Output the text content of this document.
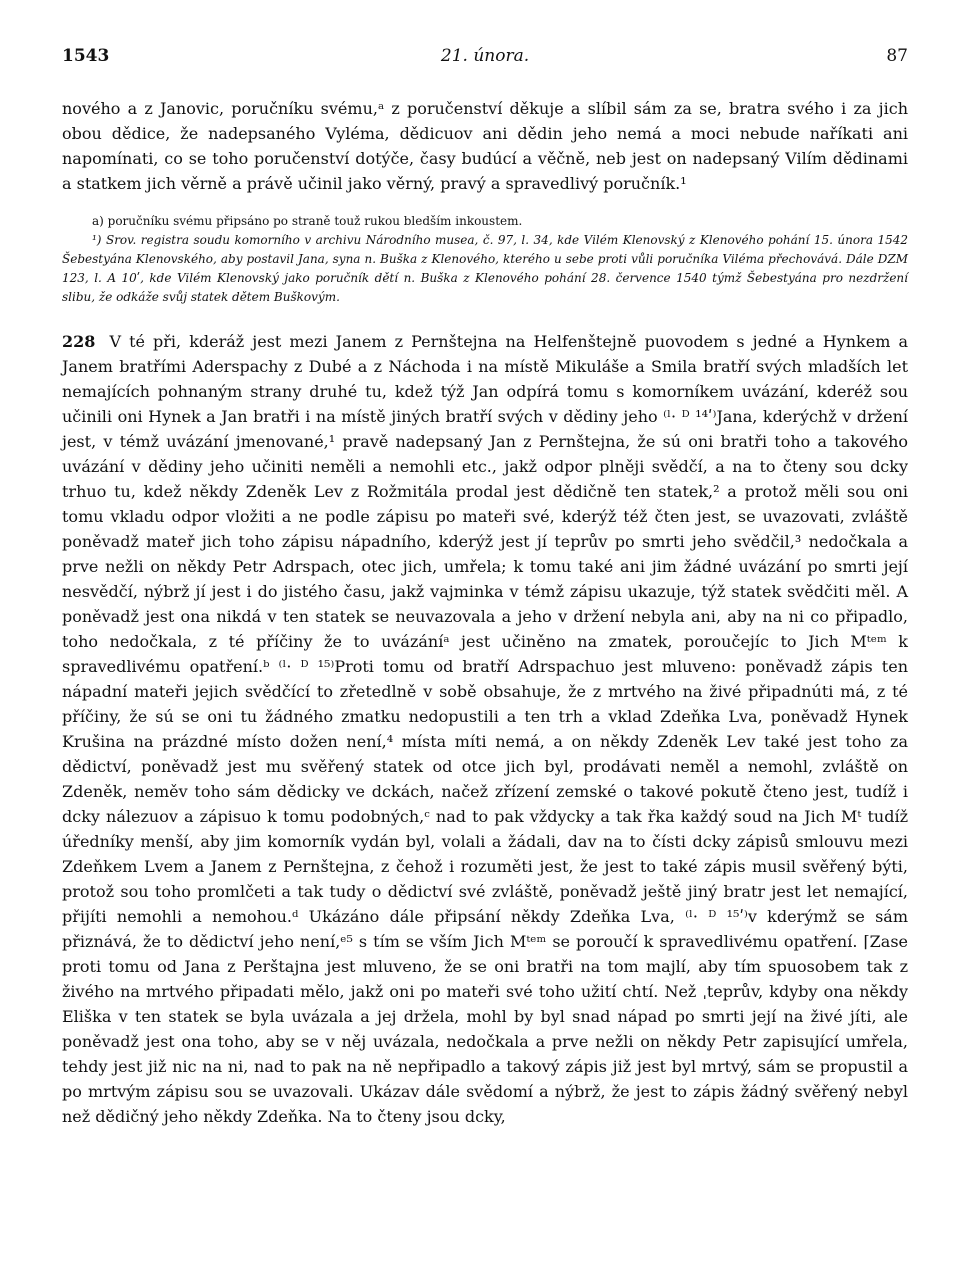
1543	21. února.	87

nového a z Janovic, poručníku svému,ᵃ z poručenství děkuje a slíbil sám za se, bratra svého i za jich obou dědice, že nadepsaného Vyléma, dědicuov ani dědin jeho nemá a moci nebude naříkati ani napomínati, co se toho poručenství dotýče, časy budúcí a věčně, neb jest on nadepsaný Vilím dědinami a statkem jich věrně a právě učinil jako věrný, pravý a spravedlivý poručník.¹

a) poručníku svému připsáno po straně touž rukou bledším inkoustem.
¹) Srov. registra soudu komorního v archivu Národního musea, č. 97, l. 34, kde Vilém Klenovský z Klenového pohání 15. února 1542 Šebestyána Klenovského, aby postavil Jana, syna n. Buška z Klenového, kterého u sebe proti vůli poručníka Viléma přechovává. Dále DZM 123, l. A 10ʹ, kde Vilém Klenovský jako poručník dětí n. Buška z Klenového pohání 28. července 1540 týmž Šebestyána pro nezdržení slibu, že odkáže svůj statek dětem Buškovým.

228 V té při, kderáž jest mezi Janem z Pernštejna na Helfenštejně puovodem s jedné a Hynkem a Janem bratřími Aderspachy z Dubé a z Náchoda i na místě Mikuláše a Smila bratří svých mladších let nemajících pohnaným strany druhé tu, kdež týž Jan odpírá tomu s komorníkem uvázání, kderéž sou učinili oni Hynek a Jan bratři i na místě jiných bratří svých v dědiny jeho ⁽ˡ· ᴰ ¹⁴ʹ⁾Jana, kderýchž v držení jest, v témž uvázání jmenované,¹ pravě nadepsaný Jan z Pernštejna, že sú oni bratři toho a takového uvázání v dědiny jeho učiniti neměli a nemohli etc., jakž odpor plněji svědčí, a na to čteny sou dcky trhuo tu, kdež někdy Zdeněk Lev z Rožmitála prodal jest dědičně ten statek,² a protož měli sou oni tomu vkladu odpor vložiti a ne podle zápisu po mateři své, kderýž též čten jest, se uvazovati, zvláště poněvadž mateř jich toho zápisu nápadního, kderýž jest jí teprův po smrti jeho svědčil,³ nedočkala a prve nežli on někdy Petr Adrspach, otec jich, umřela; k tomu také ani jim žádné uvázání po smrti její nesvědčí, nýbrž jí jest i do jistého času, jakž vajminka v témž zápisu ukazuje, týž statek svědčiti měl. A poněvadž jest ona nikdá v ten statek se neuvazovala a jeho v držení nebyla ani, aby na ni co připadlo, toho nedočkala, z té příčiny že to uvázáníᵃ jest učiněno na zmatek, poroučejíc to Jich Mᵗᵉᵐ k spravedlivému opatření.ᵇ ⁽ˡ· ᴰ ¹⁵⁾Proti tomu od bratří Adrspachuo jest mluveno: poněvadž zápis ten nápadní mateři jejich svědčící to zřetedlně v sobě obsahuje, že z mrtvého na živé připadnúti má, z té příčiny, že sú se oni tu žádného zmatku nedopustili a ten trh a vklad Zdeňka Lva, poněvadž Hynek Krušina na prázdné místo dožen není,⁴ místa míti nemá, a on někdy Zdeněk Lev také jest toho za dědictví, poněvadž jest mu svěřený statek od otce jich byl, prodávati neměl a nemohl, zvláště on Zdeněk, neměv toho sám dědicky ve dckách, načež zřízení zemské o takové pokutě čteno jest, tudíž i dcky nálezuov a zápisuo k tomu podobných,ᶜ nad to pak vždycky a tak řka každý soud na Jich Mᵗ tudíž úředníky menší, aby jim komorník vydán byl, volali a žádali, dav na to čísti dcky zápisů smlouvu mezi Zdeňkem Lvem a Janem z Pernštejna, z čehož i rozuměti jest, že jest to také zápis musil svěřený býti, protož sou toho promlčeti a tak tudy o dědictví své zvláště, poněvadž ještě jiný bratr jest let nemající, přijíti nemohli a nemohou.ᵈ Ukázáno dále připsání někdy Zdeňka Lva, ⁽ˡ· ᴰ ¹⁵ʹ⁾v kderýmž se sám přiznává, že to dědictví jeho není,ᵉ⁵ s tím se vším Jich Mᵗᵉᵐ se poroučí k spravedlivému opatření. ⌈Zase proti tomu od Jana z Perštajna jest mluveno, že se oni bratři na tom majlí, aby tím spuosobem tak z živého na mrtvého připadati mělo, jakž oni po mateři své toho užití chtí. Než ˌteprův, kdyby ona někdy Eliška v ten statek se byla uvázala a jej držela, mohl by byl snad nápad po smrti její na živé jíti, ale poněvadž jest ona toho, aby se v něj uvázala, nedočkala a prve nežli on někdy Petr zapisující umřela, tehdy jest již nic na ni, nad to pak na ně nepřipadlo a takový zápis již jest byl mrtvý, sám se propustil a po mrtvým zápisu sou se uvazovali. Ukázav dále svědomí a nýbrž, že jest to zápis žádný svěřený nebyl než dědičný jeho někdy Zdeňka. Na to čteny jsou dcky,
